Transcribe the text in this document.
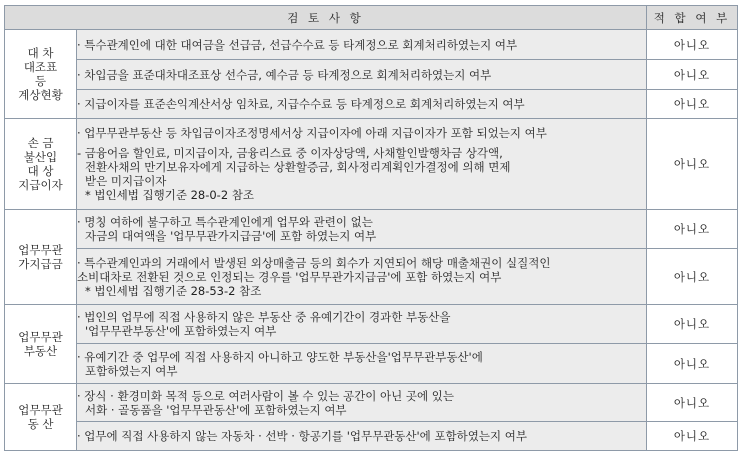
검 토 사 항		적 합 여 부

대 차
대조표
등
계상현황	· 특수관계인에 대한 대여금을 선급금, 선급수수료 등 타계정으로 회계처리하였는지 여부	아니오

	· 차입금을 표준대차대조표상 선수금, 예수금 등 타계정으로 회계처리하였는지 여부	아니오

	· 지급이자를 표준손익계산서상 임차료, 지급수수료 등 타계정으로 회계처리하였는지 여부	아니오

손 금
불산입
대 상
지급이자	· 업무무관부동산 등 차입금이자조정명세서상 지급이자에 아래 지급이자가 포함 되었는지 여부
- 금융어음 할인료, 미지급이자, 금융리스료 중 이자상당액, 사채할인발행차금 상각액,
전환사채의 만기보유자에게 지급하는 상환할증금, 회사정리계획인가결정에 의해 면제
받은 미지급이자
* 법인세법 집행기준 28-0-2 참조	아니오

업무무관
가지급금	· 명칭 여하에 불구하고 특수관계인에게 업무와 관련이 없는
자금의 대여액을 '업무무관가지급금'에 포함 하였는지 여부	아니오

	· 특수관계인과의 거래에서 발생된 외상매출금 등의 회수가 지연되어 해당 매출채권이 실질적인
소비대차로 전환된 것으로 인정되는 경우를 '업무무관가지급금'에 포함 하였는지 여부
* 법인세법 집행기준 28-53-2 참조	아니오

업무무관
부동산	· 법인의 업무에 직접 사용하지 않은 부동산 중 유예기간이 경과한 부동산을
'업무무관부동산'에 포함하였는지 여부	아니오

	· 유예기간 중 업무에 직접 사용하지 아니하고 양도한 부동산을'업무무관부동산'에
포함하였는지 여부	아니오

업무무관
동 산	· 장식 · 환경미화 목적 등으로 여러사람이 볼 수 있는 공간이 아닌 곳에 있는
서화 · 골동품을 '업무무관동산'에 포함하였는지 여부	아니오

	· 업무에 직접 사용하지 않는 자동차 · 선박 · 항공기를 '업무무관동산'에 포함하였는지 여부	아니오
